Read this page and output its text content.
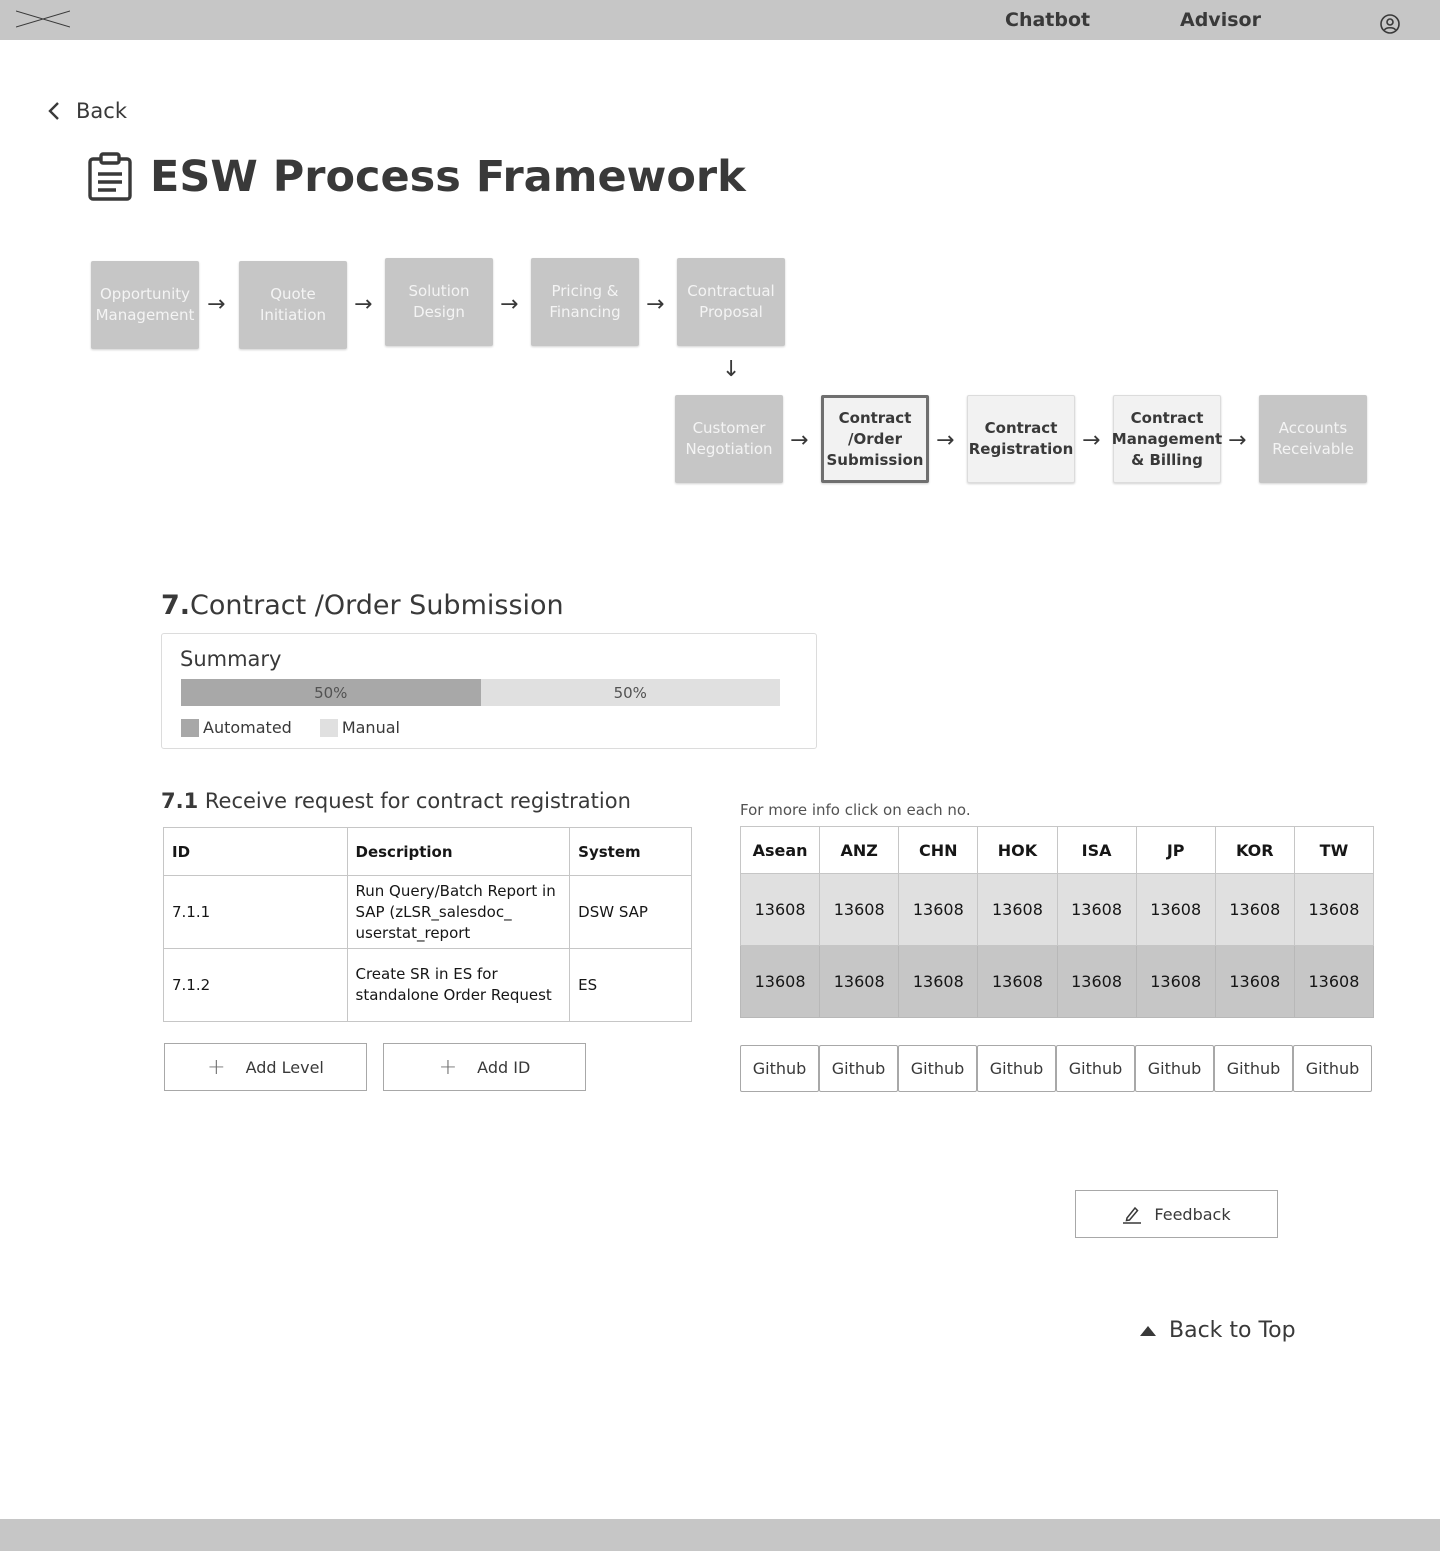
Chatbot	Advisor
Back
ESW Process Framework
Opportunity Management →	Quote Initiation	→
Solution Design	→
Pricing & Financing	→
Contractual Proposal
↓
Customer Negotiation →
Contract /Order Submission
→	Contract Registration →
Contract Management & Billing
→	Accounts Receivable
7.Contract /Order Submission
Summary
50%	50%
Automated	Manual
7.1 Receive request for contract registration
ID	Description	System
7.1.1	Run Query/Batch Report in SAP (zLSR_salesdoc_ userstat_report	DSW SAP
7.1.2	Create SR in ES for standalone Order Request	ES
+ Add Level	+ Add ID
For more info click on each no.
Asean	ANZ	CHN	HOK	ISA	JP	KOR	TW
13608	13608	13608	13608	13608	13608	13608	13608
13608	13608	13608	13608	13608	13608	13608	13608
Github Github Github Github Github Github Github Github
Feedback
Back to Top
